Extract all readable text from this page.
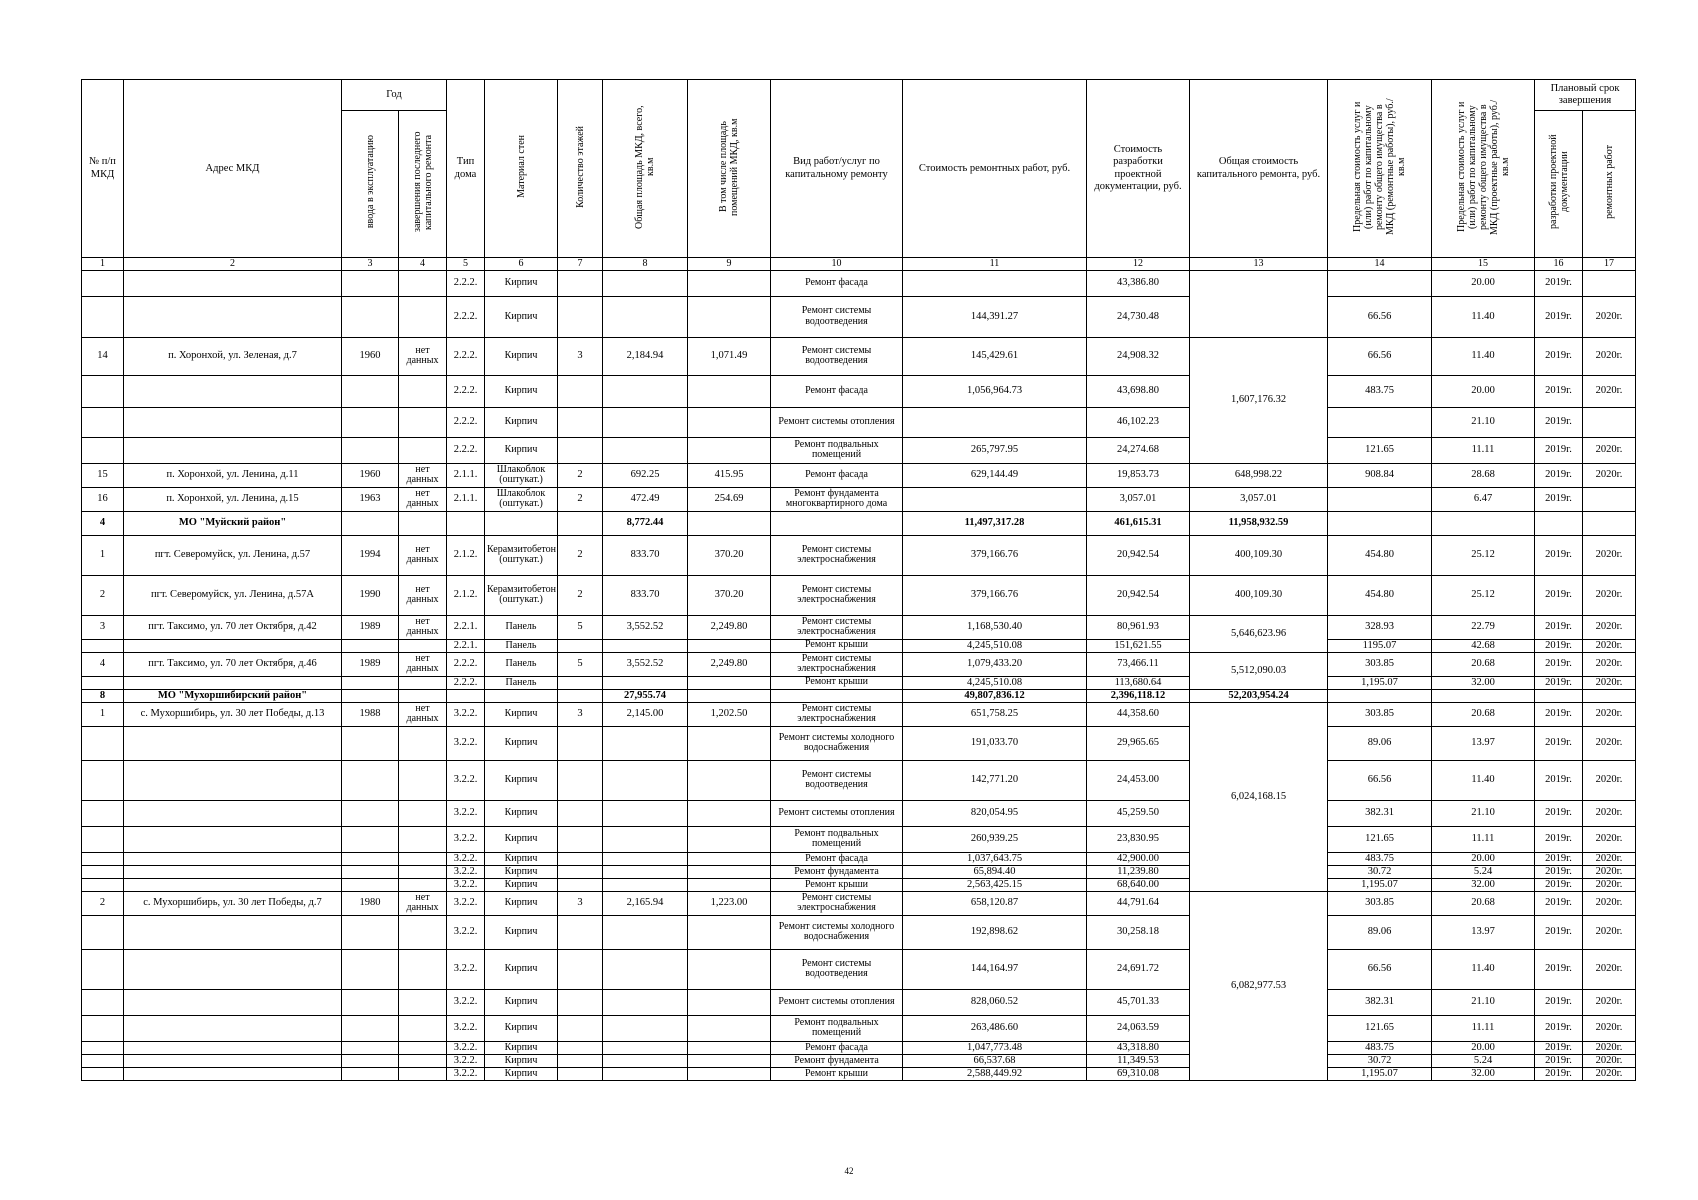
№ п/п МКД	Адрес МКД	Год		Тип дома	Материал стен	Количество этажей	Общая площадь МКД, всего, кв.м	В том числе площадь помещений МКД, кв.м	Вид работ/услуг по капитальному ремонту	Стоимость ремонтных работ, руб.	Стоимость разработки проектной документации, руб.	Общая стоимость капитального ремонта, руб.	Предельная стоимость услуг и (или) работ по капитальному ремонту общего имущества в МКД (ремонтные работы), руб./кв.м	Предельная стоимость услуг и (или) работ по капитальному ремонту общего имущества в МКД (проектные работы), руб./кв.м	Плановый срок завершения	
		ввода в эксплуатацию	завершения последнего капитального ремонта												разработки проектной документации	ремонтных работ
1	2	3	4	5	6	7	8	9	10	11	12	13	14	15	16	17
				2.2.2.	Кирпич				Ремонт фасада		43,386.80			20.00	2019г.	
				2.2.2.	Кирпич				Ремонт системы водоотведения	144,391.27	24,730.48		66.56	11.40	2019г.	2020г.
14	п. Хоронхой, ул. Зеленая, д.7	1960	нет данных	2.2.2.	Кирпич	3	2,184.94	1,071.49	Ремонт системы водоотведения	145,429.61	24,908.32	1,607,176.32	66.56	11.40	2019г.	2020г.
				2.2.2.	Кирпич				Ремонт фасада	1,056,964.73	43,698.80		483.75	20.00	2019г.	2020г.
				2.2.2.	Кирпич				Ремонт системы отопления		46,102.23			21.10	2019г.	
				2.2.2.	Кирпич				Ремонт подвальных помещений	265,797.95	24,274.68		121.65	11.11	2019г.	2020г.
15	п. Хоронхой, ул. Ленина, д.11	1960	нет данных	2.1.1.	Шлакоблок (оштукат.)	2	692.25	415.95	Ремонт фасада	629,144.49	19,853.73	648,998.22	908.84	28.68	2019г.	2020г.
16	п. Хоронхой, ул. Ленина, д.15	1963	нет данных	2.1.1.	Шлакоблок (оштукат.)	2	472.49	254.69	Ремонт фундамента многоквартирного дома		3,057.01	3,057.01		6.47	2019г.	
4	МО "Муйский район"						8,772.44			11,497,317.28	461,615.31	11,958,932.59				
1	пгт. Северомуйск, ул. Ленина, д.57	1994	нет данных	2.1.2.	Керамзитобетон (оштукат.)	2	833.70	370.20	Ремонт системы электроснабжения	379,166.76	20,942.54	400,109.30	454.80	25.12	2019г.	2020г.
2	пгт. Северомуйск, ул. Ленина, д.57А	1990	нет данных	2.1.2.	Керамзитобетон (оштукат.)	2	833.70	370.20	Ремонт системы электроснабжения	379,166.76	20,942.54	400,109.30	454.80	25.12	2019г.	2020г.
3	пгт. Таксимо, ул. 70 лет Октября, д.42	1989	нет данных	2.2.1.	Панель	5	3,552.52	2,249.80	Ремонт системы электроснабжения	1,168,530.40	80,961.93	5,646,623.96	328.93	22.79	2019г.	2020г.
				2.2.1.	Панель				Ремонт крыши	4,245,510.08	151,621.55		1195.07	42.68	2019г.	2020г.
4	пгт. Таксимо, ул. 70 лет Октября, д.46	1989	нет данных	2.2.2.	Панель	5	3,552.52	2,249.80	Ремонт системы электроснабжения	1,079,433.20	73,466.11	5,512,090.03	303.85	20.68	2019г.	2020г.
				2.2.2.	Панель				Ремонт крыши	4,245,510.08	113,680.64		1,195.07	32.00	2019г.	2020г.
8	МО "Мухоршибирский район"						27,955.74			49,807,836.12	2,396,118.12	52,203,954.24				
1	с. Мухоршибирь, ул. 30 лет Победы, д.13	1988	нет данных	3.2.2.	Кирпич	3	2,145.00	1,202.50	Ремонт системы электроснабжения	651,758.25	44,358.60	6,024,168.15	303.85	20.68	2019г.	2020г.
				3.2.2.	Кирпич				Ремонт системы холодного водоснабжения	191,033.70	29,965.65		89.06	13.97	2019г.	2020г.
				3.2.2.	Кирпич				Ремонт системы водоотведения	142,771.20	24,453.00		66.56	11.40	2019г.	2020г.
				3.2.2.	Кирпич				Ремонт системы отопления	820,054.95	45,259.50		382.31	21.10	2019г.	2020г.
				3.2.2.	Кирпич				Ремонт подвальных помещений	260,939.25	23,830.95		121.65	11.11	2019г.	2020г.
				3.2.2.	Кирпич				Ремонт фасада	1,037,643.75	42,900.00		483.75	20.00	2019г.	2020г.
				3.2.2.	Кирпич				Ремонт фундамента	65,894.40	11,239.80		30.72	5.24	2019г.	2020г.
				3.2.2.	Кирпич				Ремонт крыши	2,563,425.15	68,640.00		1,195.07	32.00	2019г.	2020г.
2	с. Мухоршибирь, ул. 30 лет Победы, д.7	1980	нет данных	3.2.2.	Кирпич	3	2,165.94	1,223.00	Ремонт системы электроснабжения	658,120.87	44,791.64	6,082,977.53	303.85	20.68	2019г.	2020г.
				3.2.2.	Кирпич				Ремонт системы холодного водоснабжения	192,898.62	30,258.18		89.06	13.97	2019г.	2020г.
				3.2.2.	Кирпич				Ремонт системы водоотведения	144,164.97	24,691.72		66.56	11.40	2019г.	2020г.
				3.2.2.	Кирпич				Ремонт системы отопления	828,060.52	45,701.33		382.31	21.10	2019г.	2020г.
				3.2.2.	Кирпич				Ремонт подвальных помещений	263,486.60	24,063.59		121.65	11.11	2019г.	2020г.
				3.2.2.	Кирпич				Ремонт фасада	1,047,773.48	43,318.80		483.75	20.00	2019г.	2020г.
				3.2.2.	Кирпич				Ремонт фундамента	66,537.68	11,349.53		30.72	5.24	2019г.	2020г.
				3.2.2.	Кирпич				Ремонт крыши	2,588,449.92	69,310.08		1,195.07	32.00	2019г.	2020г.
42
